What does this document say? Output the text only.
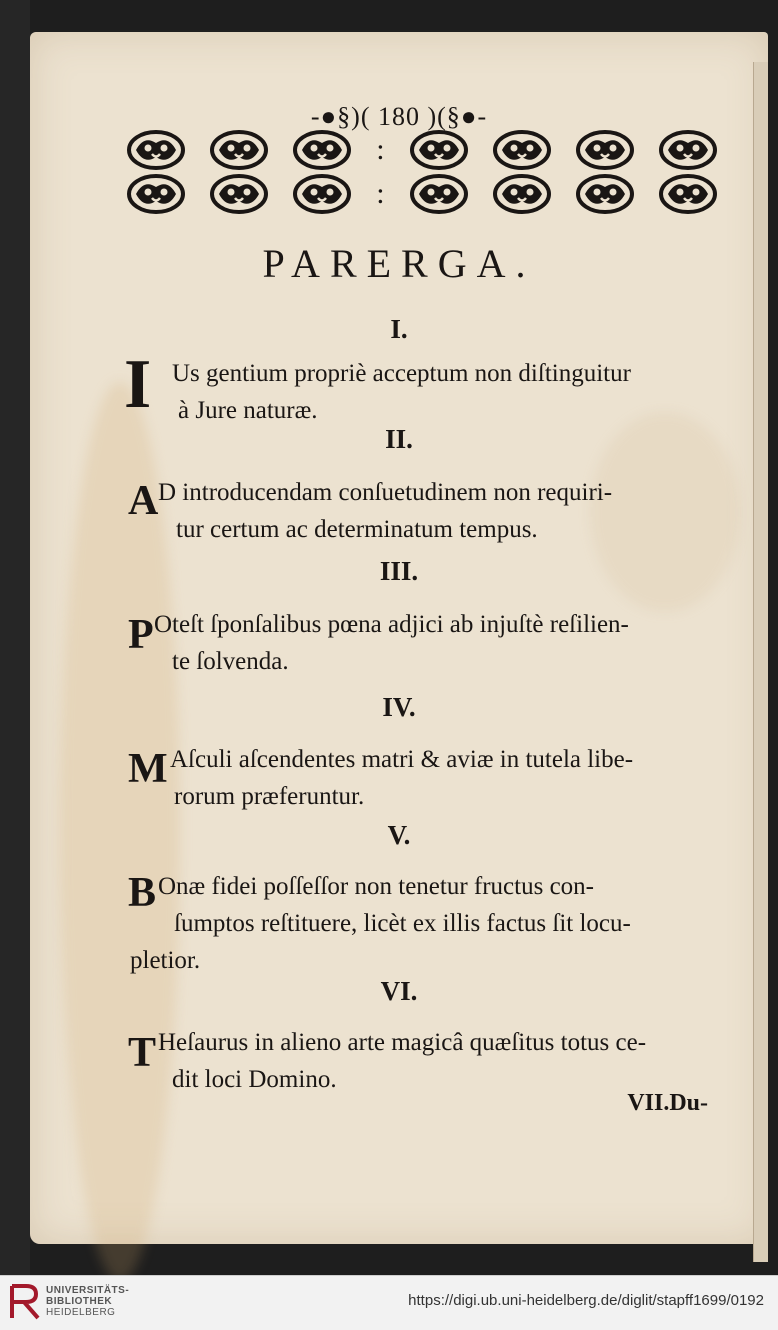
-●§)( 180 )(§●-
:
:
PARERGA.
I.
I Us gentium propriè acceptum non diſtinguitur
à Jure naturæ.
II.
A D introducendam conſuetudinem non requiri-
tur certum ac determinatum tempus.
III.
P Oteſt ſponſalibus pœna adjici ab injuſtè reſilien-
te ſolvenda.
IV.
M Aſculi aſcendentes matri & aviæ in tutela libe-
rorum præferuntur.
V.
B Onæ fidei poſſeſſor non tenetur fructus con-
ſumptos reſtituere, licèt ex illis factus ſit locu-
pletior.
VI.
T Heſaurus in alieno arte magicâ quæſitus totus ce-
dit loci Domino.
VII.Du-
UNIVERSITÄTS-
BIBLIOTHEK
HEIDELBERG
https://digi.ub.uni-heidelberg.de/diglit/stapff1699/0192
